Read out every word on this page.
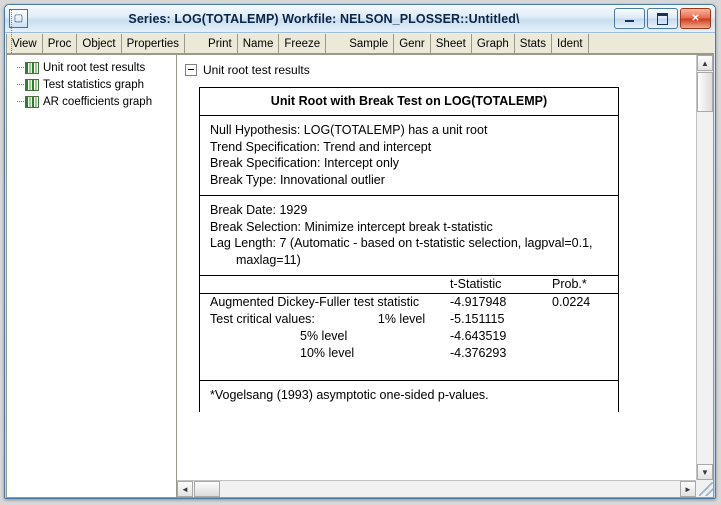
▢	Series: LOG(TOTALEMP) Workfile: NELSON_PLOSSER::Untitled\	✕
View Proc Object Properties	Print Name Freeze	Sample Genr Sheet Graph Stats Ident
Unit root test results
Test statistics graph
AR coefficients graph
Unit root test results
Unit Root with Break Test on LOG(TOTALEMP)
Null Hypothesis: LOG(TOTALEMP) has a unit root
Trend Specification: Trend and intercept
Break Specification: Intercept only
Break Type: Innovational outlier
Break Date: 1929
Break Selection: Minimize intercept break t-statistic
Lag Length: 7 (Automatic - based on t-statistic selection, lagpval=0.1,
maxlag=11)
	t-Statistic	Prob.*
Augmented Dickey-Fuller test statistic	-4.917948	0.0224
Test critical values: 1% level	-5.151115	
5% level	-4.643519	
10% level	-4.376293	
*Vogelsang (1993) asymptotic one-sided p-values.
▲
▼
◄	►
